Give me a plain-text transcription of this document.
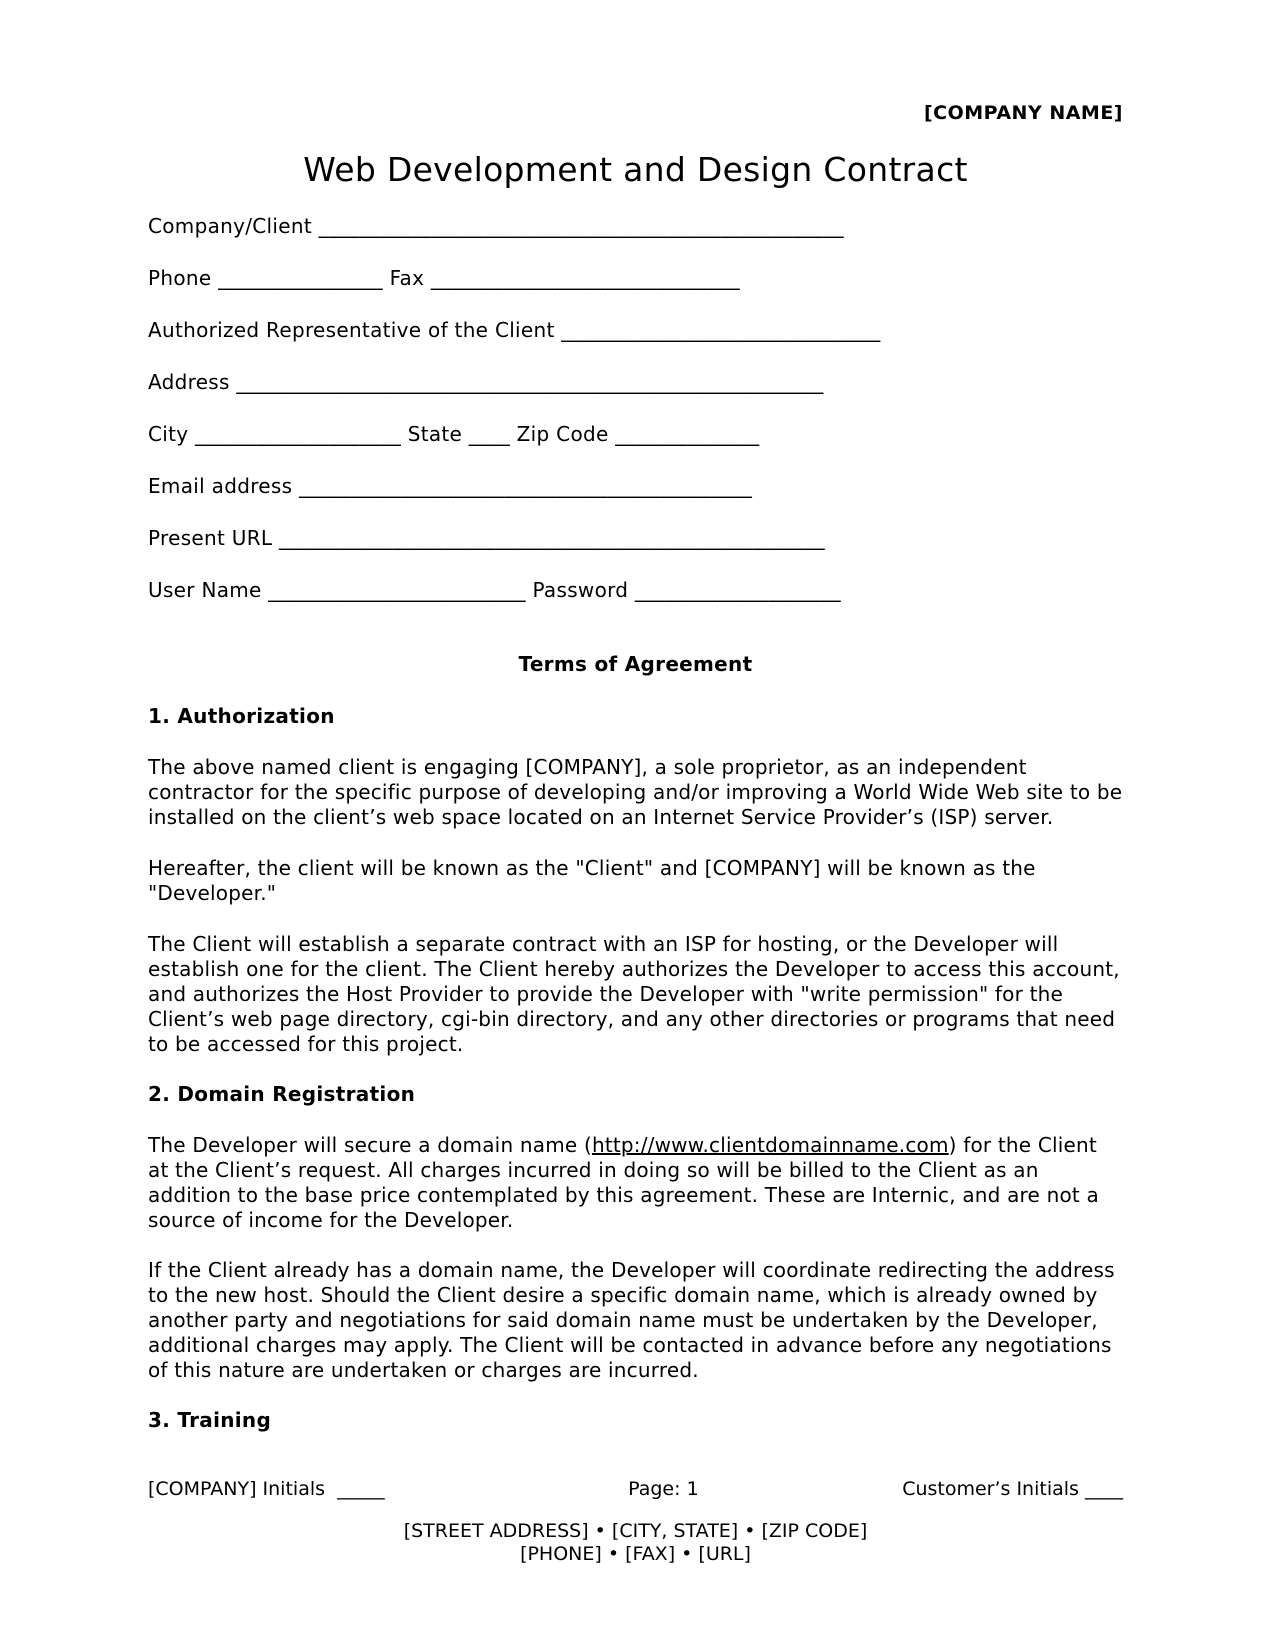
[COMPANY NAME]
Web Development and Design Contract
Company/Client ___________________________________________________
Phone ________________ Fax ______________________________
Authorized Representative of the Client _______________________________
Address _________________________________________________________
City ____________________ State ____ Zip Code ______________
Email address ____________________________________________
Present URL _____________________________________________________
User Name _________________________ Password ____________________
Terms of Agreement
1. Authorization
The above named client is engaging [COMPANY], a sole proprietor, as an independent contractor for the specific purpose of developing and/or improving a World Wide Web site to be installed on the client’s web space located on an Internet Service Provider’s (ISP) server.
Hereafter, the client will be known as the "Client" and [COMPANY] will be known as the "Developer."
The Client will establish a separate contract with an ISP for hosting, or the Developer will establish one for the client. The Client hereby authorizes the Developer to access this account, and authorizes the Host Provider to provide the Developer with "write permission" for the Client’s web page directory, cgi-bin directory, and any other directories or programs that need to be accessed for this project.
2. Domain Registration
The Developer will secure a domain name (http://www.clientdomainname.com) for the Client at the Client’s request. All charges incurred in doing so will be billed to the Client as an addition to the base price contemplated by this agreement. These are Internic, and are not a source of income for the Developer.
If the Client already has a domain name, the Developer will coordinate redirecting the address to the new host. Should the Client desire a specific domain name, which is already owned by another party and negotiations for said domain name must be undertaken by the Developer, additional charges may apply. The Client will be contacted in advance before any negotiations of this nature are undertaken or charges are incurred.
3. Training
[COMPANY] Initials  _____	Page: 1	Customer’s Initials ____
[STREET ADDRESS] • [CITY, STATE] • [ZIP CODE]
[PHONE] • [FAX] • [URL]
